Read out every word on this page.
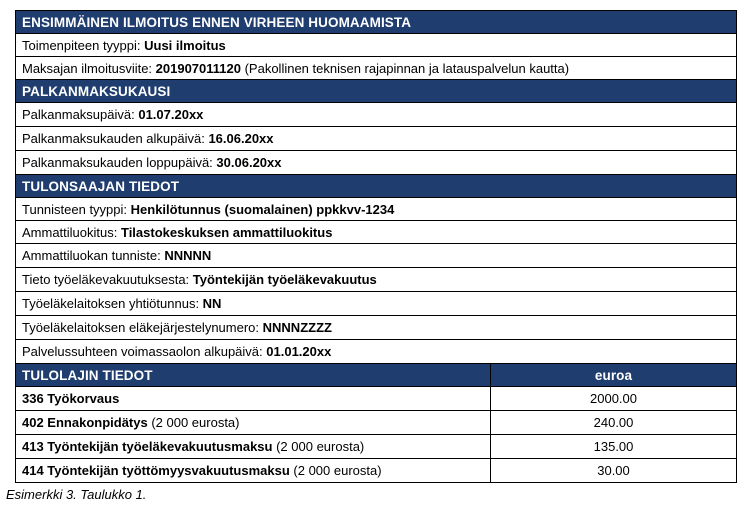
ENSIMMÄINEN ILMOITUS ENNEN VIRHEEN HUOMAAMISTA	
Toimenpiteen tyyppi: Uusi ilmoitus	
Maksajan ilmoitusviite: 201907011120 (Pakollinen teknisen rajapinnan ja latauspalvelun kautta)	
PALKANMAKSUKAUSI	
Palkanmaksupäivä: 01.07.20xx	
Palkanmaksukauden alkupäivä: 16.06.20xx	
Palkanmaksukauden loppupäivä: 30.06.20xx	
TULONSAAJAN TIEDOT	
Tunnisteen tyyppi: Henkilötunnus (suomalainen) ppkkvv-1234	
Ammattiluokitus: Tilastokeskuksen ammattiluokitus	
Ammattiluokan tunniste: NNNNN	
Tieto työeläkevakuutuksesta: Työntekijän työeläkevakuutus	
Työeläkelaitoksen yhtiötunnus: NN	
Työeläkelaitoksen eläkejärjestelynumero: NNNNZZZZ	
Palvelussuhteen voimassaolon alkupäivä: 01.01.20xx	
TULOLAJIN TIEDOT	euroa
336 Työkorvaus	2000.00
402 Ennakonpidätys (2 000 eurosta)	240.00
413 Työntekijän työeläkevakuutusmaksu (2 000 eurosta)	135.00
414 Työntekijän työttömyysvakuutusmaksu (2 000 eurosta)	30.00
Esimerkki 3. Taulukko 1.
